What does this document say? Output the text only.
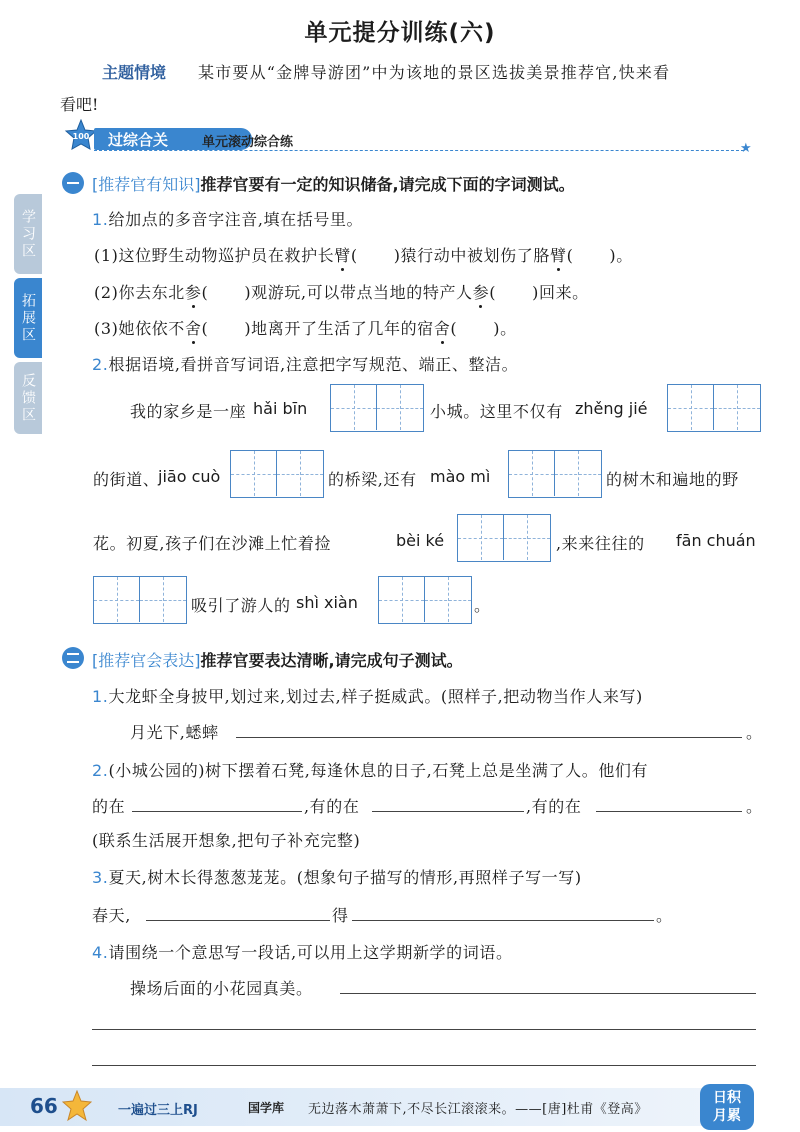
单元提分训练(六)
主题情境 某市要从“金牌导游团”中为该地的景区选拔美景推荐官,快来看
看吧!
100 过综合关	单元滚动综合练	★
学习区
拓展区
反馈区
[推荐官有知识]推荐官要有一定的知识储备,请完成下面的字词测试。
1.给加点的多音字注音,填在括号里。
(1)这位野生动物巡护员在救护长臂( )猿行动中被划伤了胳臂( )。
(2)你去东北参( )观游玩,可以带点当地的特产人参( )回来。
(3)她依依不舍( )地离开了生活了几年的宿舍( )。
2.根据语境,看拼音写词语,注意把字写规范、端正、整洁。
我的家乡是一座 hǎi bīn	小城。这里不仅有 zhěng jié
的街道、
jiāo cuò	的桥梁,还有 mào mì	的树木和遍地的野
花。初夏,孩子们在沙滩上忙着捡	bèi ké	,来来往往的 fān chuán
吸引了游人的 shì xiàn	。
[推荐官会表达]推荐官要表达清晰,请完成句子测试。
1.大龙虾全身披甲,划过来,划过去,样子挺威武。(照样子,把动物当作人来写)
月光下,蟋蟀	。
2.(小城公园的)树下摆着石凳,每逢休息的日子,石凳上总是坐满了人。他们有
的在	,有的在	,有的在	。
(联系生活展开想象,把句子补充完整)
3.夏天,树木长得葱葱茏茏。(想象句子描写的情形,再照样子写一写)
春天,	得	。
4.请围绕一个意思写一段话,可以用上这学期新学的词语。
操场后面的小花园真美。
66	一遍过三上RJ	国学库 无边落木萧萧下,不尽长江滚滚来。——[唐]杜甫《登高》
日积
月累
